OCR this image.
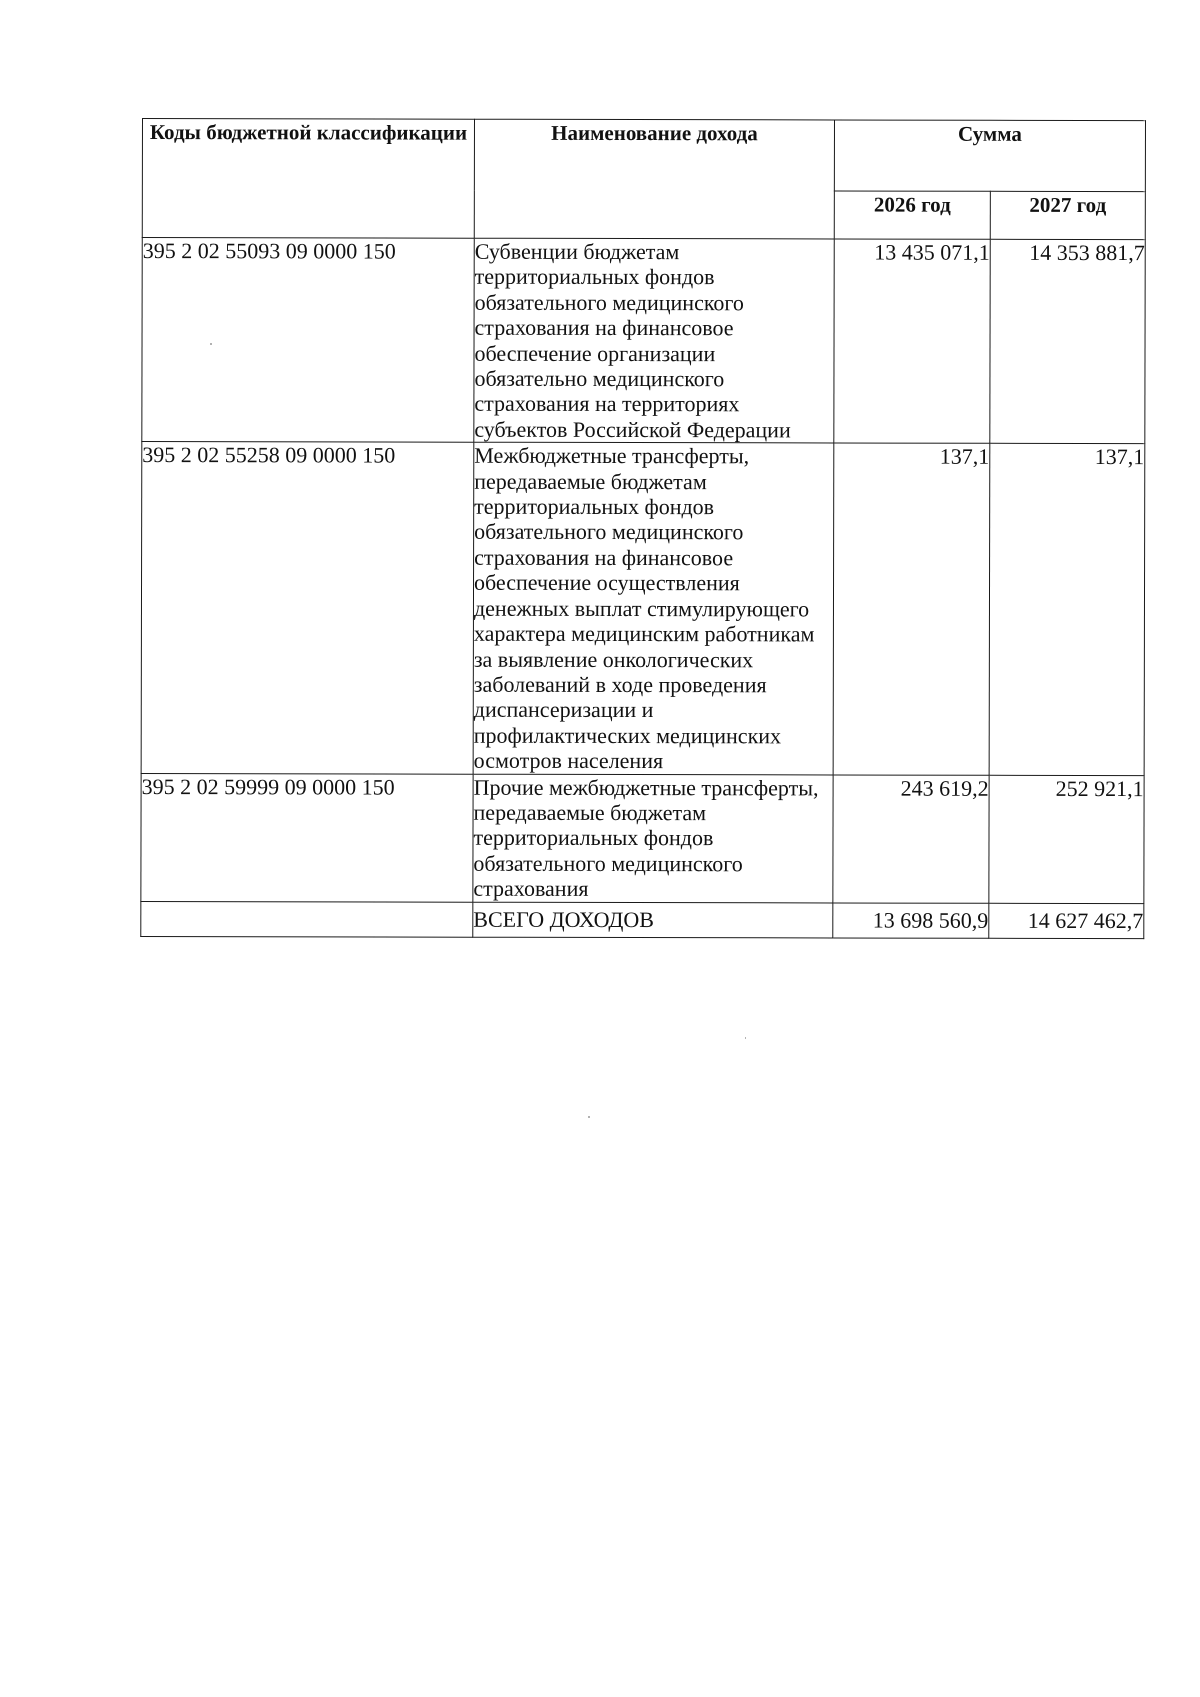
Коды бюджетной классификации	Наименование дохода	Сумма	
		2026 год	2027 год
395 2 02 55093 09 0000 150	Субвенции бюджетам территориальных фондов обязательного медицинского страхования на финансовое обеспечение организации обязательно медицинского страхования на территориях субъектов Российской Федерации	13 435 071,1	14 353 881,7
395 2 02 55258 09 0000 150	Межбюджетные трансферты, передаваемые бюджетам территориальных фондов обязательного медицинского страхования на финансовое обеспечение осуществления денежных выплат стимулирующего характера медицинским работникам за выявление онкологических заболеваний в ходе проведения диспансеризации и профилактических медицинских осмотров населения	137,1	137,1
395 2 02 59999 09 0000 150	Прочие межбюджетные трансферты, передаваемые бюджетам территориальных фондов обязательного медицинского страхования	243 619,2	252 921,1
	ВСЕГО ДОХОДОВ	13 698 560,9	14 627 462,7
